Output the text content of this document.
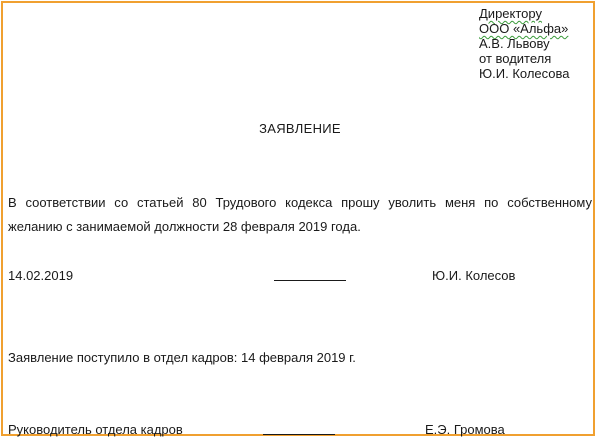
Директору
ООО «Альфа»
А.В. Львову
от водителя
Ю.И. Колесова
ЗАЯВЛЕНИЕ
В соответствии со статьей 80 Трудового кодекса прошу уволить меня по собственному желанию с занимаемой должности 28 февраля 2019 года.
14.02.2019	Ю.И. Колесов
Заявление поступило в отдел кадров: 14 февраля 2019 г.
Руководитель отдела кадров	Е.Э. Громова
